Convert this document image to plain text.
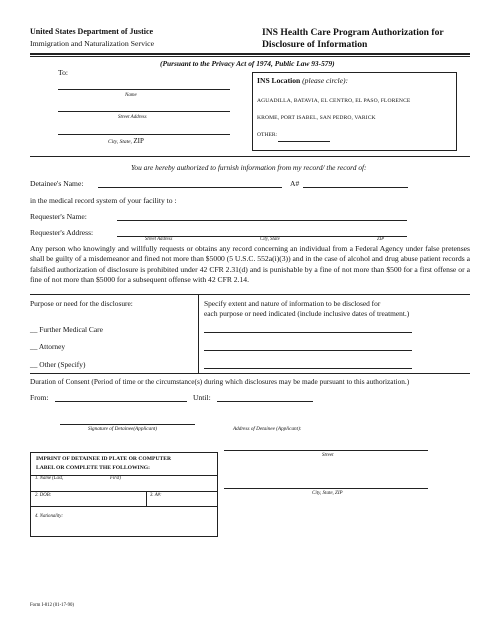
United States Department of Justice
Immigration and Naturalization Service
INS Health Care Program Authorization for
Disclosure of Information
(Pursuant to the Privacy Act of 1974, Public Law 93-579)
To:
Name
Street Address
City, State, ZIP
INS Location (please circle):
AGUADILLA, BATAVIA, EL CENTRO, EL PASO, FLORENCE
KROME, PORT ISABEL, SAN PEDRO, VARICK
OTHER:
You are hereby authorized to furnish information from my record/ the record of:
Detainee's Name:	A#
in the medical record system of your facility to :
Requester's Name:
Requester's Address:
Street Address	City, State	ZIP
Any person who knowingly and willfully requests or obtains any record concerning an individual from a Federal Agency under false pretenses shall be guilty of a misdemeanor and fined not more than $5000 (5 U.S.C. 552a(i)(3)) and in the case of alcohol and drug abuse patient records a falsified authorization of disclosure is prohibited under 42 CFR 2.31(d) and is punishable by a fine of not more than $500 for a first offense or a fine of not more than $5000 for a subsequent offense with 42 CFR 2.14.
Purpose or need for the disclosure:
__ Further Medical Care
__ Attorney
__ Other (Specify)
Specify extent and nature of information to be disclosed for
each purpose or need indicated (include inclusive dates of treatment.)
Duration of Consent (Period of time or the circumstance(s) during which disclosures may be made pursuant to this authorization.)
From:	Until:
Signature of Detainee(Applicant)	Address of Detainee (Applicant):
Street
City, State, ZIP
IMPRINT OF DETAINEE ID PLATE OR COMPUTER
LABEL OR COMPLETE THE FOLLOWING:
1. Name (Last,	First)
2. DOB:	3. A#:
4. Nationality:
Form I-812 (01-17-90)
